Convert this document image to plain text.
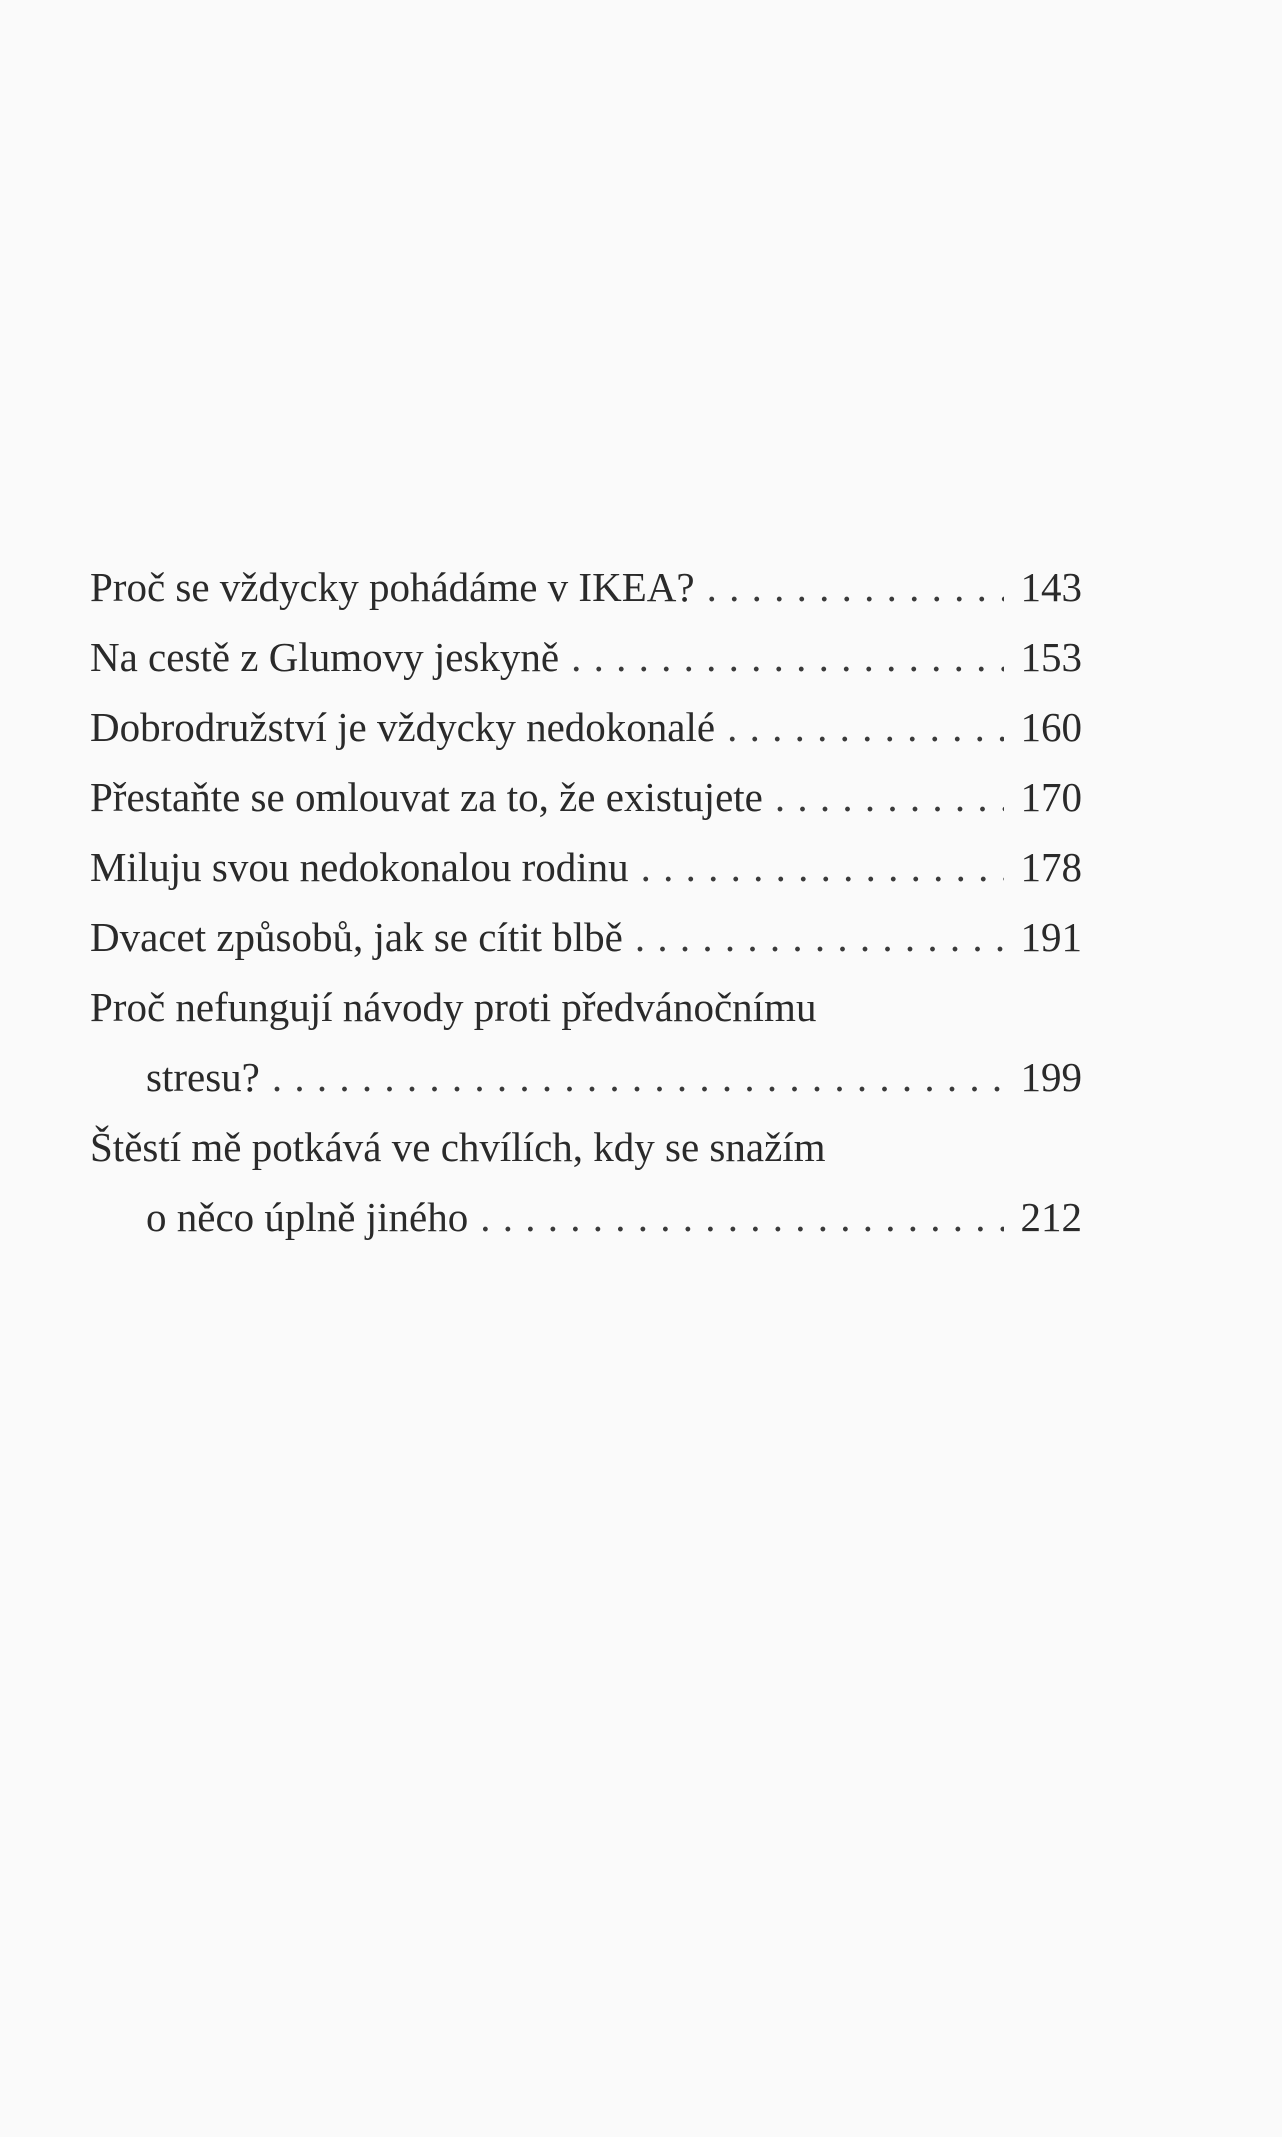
Proč se vždycky pohádáme v IKEA? . . .	143
Na cestě z Glumovy jeskyně . . .	153
Dobrodružství je vždycky nedokonalé . . .	160
Přestaňte se omlouvat za to, že existujete . . .	170
Miluju svou nedokonalou rodinu . . .	178
Dvacet způsobů, jak se cítit blbě . . .	191
Proč nefungují návody proti předvánočnímu
stresu? . . .	199
Štěstí mě potkává ve chvílích, kdy se snažím
o něco úplně jiného . . .	212
